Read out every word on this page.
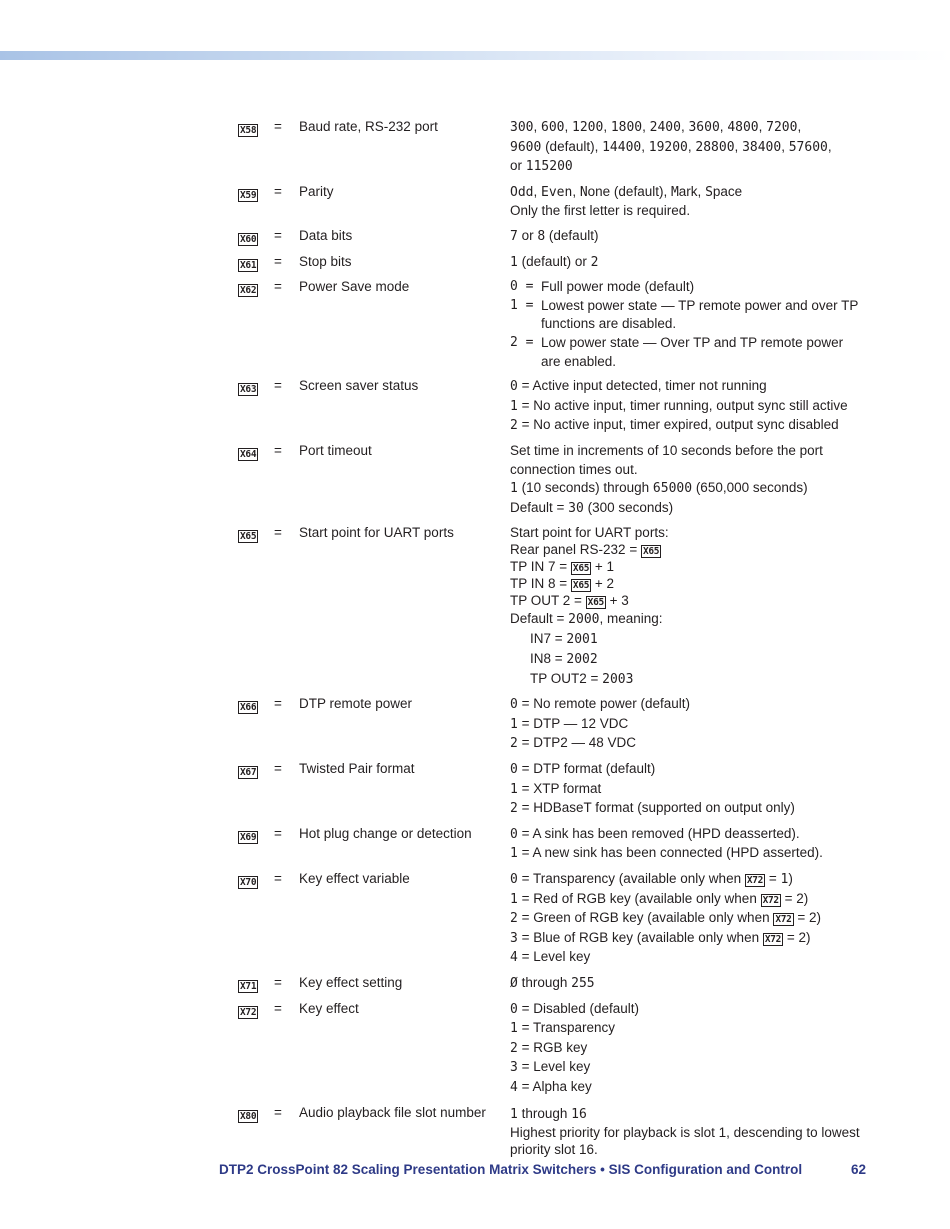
X58	=	Baud rate, RS-232 port	300, 600, 1200, 1800, 2400, 3600, 4800, 7200,
9600 (default), 14400, 19200, 28800, 38400, 57600,
or 115200
X59	=	Parity	Odd, Even, None (default), Mark, Space
Only the first letter is required.
X60	=	Data bits	7 or 8 (default)
X61	=	Stop bits	1 (default) or 2
X62	=	Power Save mode	0 = Full power mode (default)
1 = Lowest power state — TP remote power and over TP functions are disabled.
2 = Low power state — Over TP and TP remote power are enabled.
X63	=	Screen saver status	0 = Active input detected, timer not running
1 = No active input, timer running, output sync still active
2 = No active input, timer expired, output sync disabled
X64	=	Port timeout	Set time in increments of 10 seconds before the port connection times out.
1 (10 seconds) through 65000 (650,000 seconds)
Default = 30 (300 seconds)
X65	=	Start point for UART ports	Start point for UART ports:
Rear panel RS-232 = X65
TP IN 7 = X65 + 1
TP IN 8 = X65 + 2
TP OUT 2 = X65 + 3
Default = 2000, meaning:
IN7 = 2001
IN8 = 2002
TP OUT2 = 2003
X66	=	DTP remote power	0 = No remote power (default)
1 = DTP — 12 VDC
2 = DTP2 — 48 VDC
X67	=	Twisted Pair format	0 = DTP format (default)
1 = XTP format
2 = HDBaseT format (supported on output only)
X69	=	Hot plug change or detection	0 = A sink has been removed (HPD deasserted).
1 = A new sink has been connected (HPD asserted).
X70	=	Key effect variable	0 = Transparency (available only when X72 = 1)
1 = Red of RGB key (available only when X72 = 2)
2 = Green of RGB key (available only when X72 = 2)
3 = Blue of RGB key (available only when X72 = 2)
4 = Level key
X71	=	Key effect setting	Ø through 255
X72	=	Key effect	0 = Disabled (default)
1 = Transparency
2 = RGB key
3 = Level key
4 = Alpha key
X80	=	Audio playback file slot number	1 through 16
Highest priority for playback is slot 1, descending to lowest priority slot 16.
DTP2 CrossPoint 82 Scaling Presentation Matrix Switchers • SIS Configuration and Control	62
